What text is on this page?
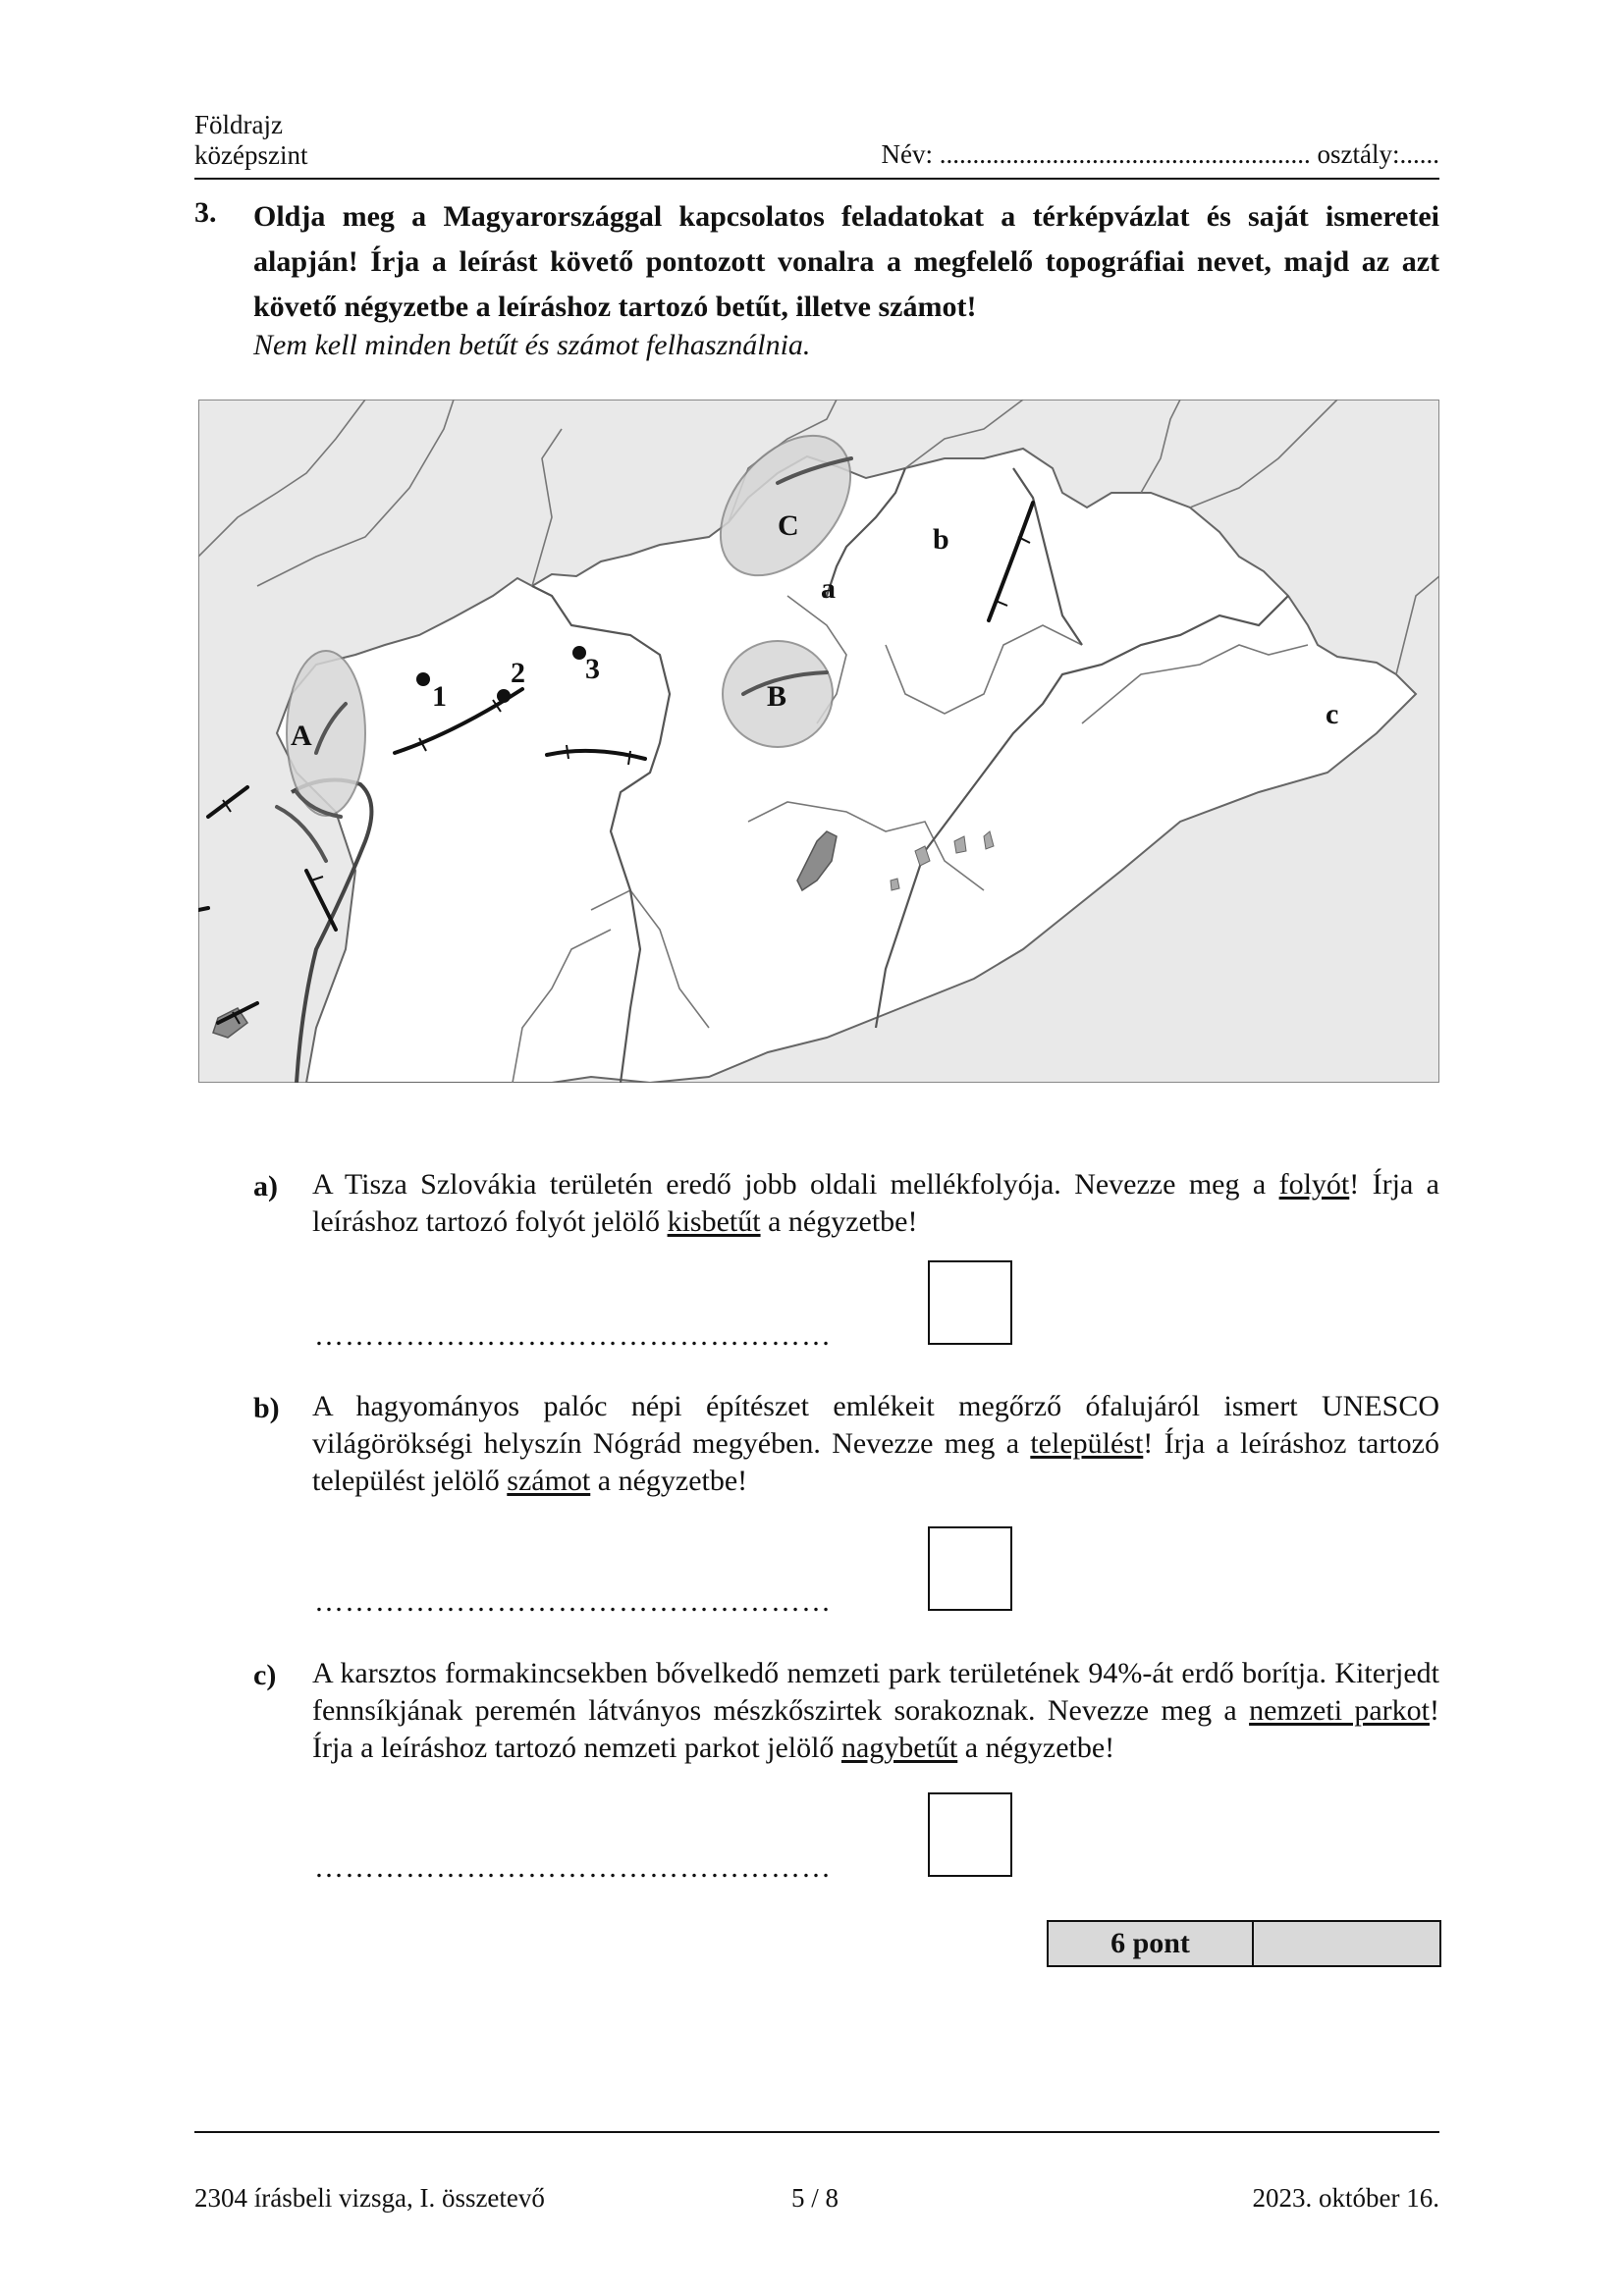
Földrajz
középszint	Név: ........................................................ osztály:......
3. Oldja meg a Magyarországgal kapcsolatos feladatokat a térképvázlat és saját ismeretei alapján! Írja a leírást követő pontozott vonalra a megfelelő topográfiai nevet, majd az azt követő négyzetbe a leíráshoz tartozó betűt, illetve számot!
Nem kell minden betűt és számot felhasználnia.
A
B
C
a
b
c
1
2 3
a) A Tisza Szlovákia területén eredő jobb oldali mellékfolyója. Nevezze meg a folyót! Írja a leíráshoz tartozó folyót jelölő kisbetűt a négyzetbe!
……………………………………………
b) A hagyományos palóc népi építészet emlékeit megőrző ófalujáról ismert UNESCO világörökségi helyszín Nógrád megyében. Nevezze meg a települést! Írja a leíráshoz tartozó települést jelölő számot a négyzetbe!
……………………………………………
c) A karsztos formakincsekben bővelkedő nemzeti park területének 94%-át erdő borítja. Kiterjedt fennsíkjának peremén látványos mészkőszirtek sorakoznak. Nevezze meg a nemzeti parkot! Írja a leíráshoz tartozó nemzeti parkot jelölő nagybetűt a négyzetbe!
……………………………………………
6 pont
2304 írásbeli vizsga, I. összetevő	5 / 8	2023. október 16.
